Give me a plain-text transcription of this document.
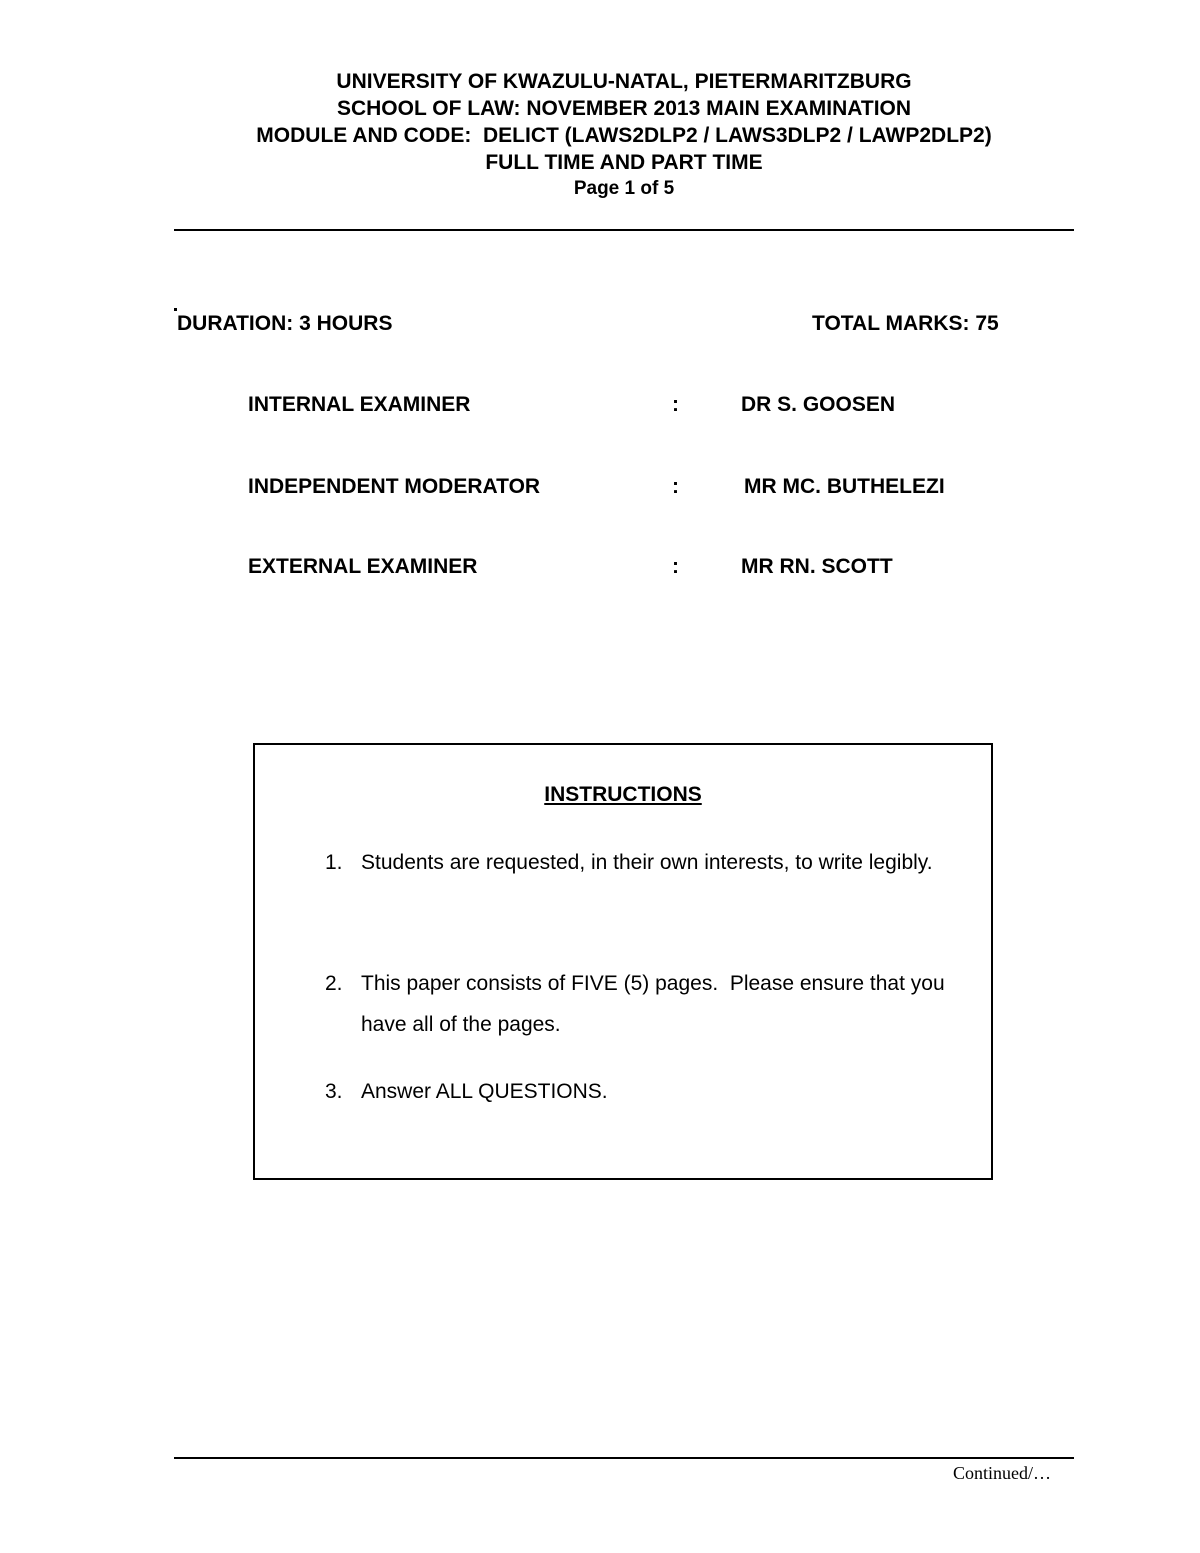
UNIVERSITY OF KWAZULU-NATAL, PIETERMARITZBURG
SCHOOL OF LAW: NOVEMBER 2013 MAIN EXAMINATION
MODULE AND CODE:  DELICT (LAWS2DLP2 / LAWS3DLP2 / LAWP2DLP2)
FULL TIME AND PART TIME
Page 1 of 5
DURATION: 3 HOURS	TOTAL MARKS: 75
INTERNAL EXAMINER	:	DR S. GOOSEN
INDEPENDENT MODERATOR	:	MR MC. BUTHELEZI
EXTERNAL EXAMINER	:	MR RN. SCOTT
INSTRUCTIONS
1. Students are requested, in their own interests, to write legibly.
2. This paper consists of FIVE (5) pages.  Please ensure that you have all of the pages.
3. Answer ALL QUESTIONS.
Continued/…
